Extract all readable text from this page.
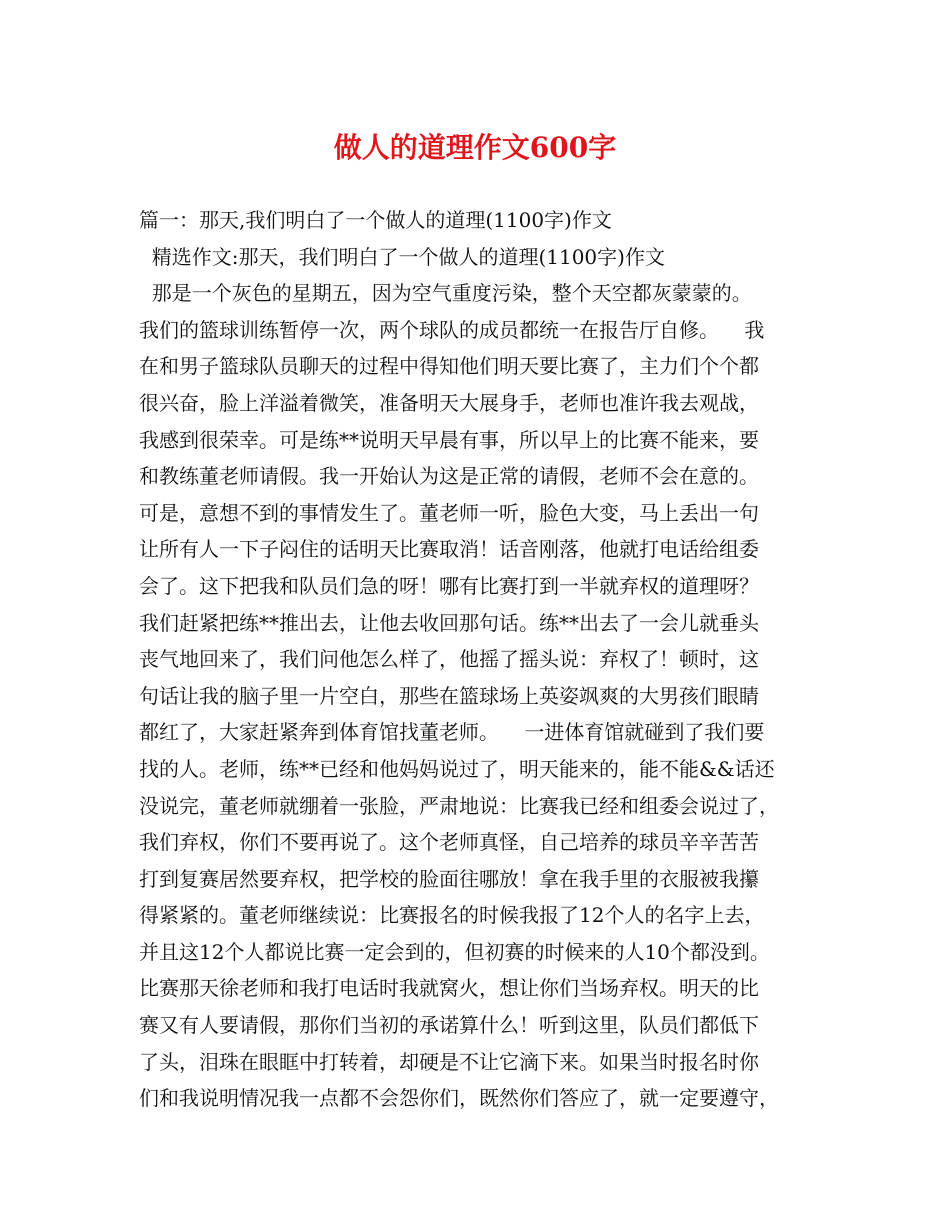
做人的道理作文600字
篇一：那天,我们明白了一个做人的道理(1100字)作文
精选作文:那天，我们明白了一个做人的道理(1100字)作文
那是一个灰色的星期五，因为空气重度污染，整个天空都灰蒙蒙的。
我们的篮球训练暂停一次，两个球队的成员都统一在报告厅自修。    我
在和男子篮球队员聊天的过程中得知他们明天要比赛了，主力们个个都
很兴奋，脸上洋溢着微笑，准备明天大展身手，老师也准许我去观战，
我感到很荣幸。可是练**说明天早晨有事，所以早上的比赛不能来，要
和教练董老师请假。我一开始认为这是正常的请假，老师不会在意的。
可是，意想不到的事情发生了。董老师一听，脸色大变，马上丢出一句
让所有人一下子闷住的话明天比赛取消！话音刚落，他就打电话给组委
会了。这下把我和队员们急的呀！哪有比赛打到一半就弃权的道理呀？
我们赶紧把练**推出去，让他去收回那句话。练**出去了一会儿就垂头
丧气地回来了，我们问他怎么样了，他摇了摇头说：弃权了！顿时，这
句话让我的脑子里一片空白，那些在篮球场上英姿飒爽的大男孩们眼睛
都红了，大家赶紧奔到体育馆找董老师。    一进体育馆就碰到了我们要
找的人。老师，练**已经和他妈妈说过了，明天能来的，能不能&&话还
没说完，董老师就绷着一张脸，严肃地说：比赛我已经和组委会说过了，
我们弃权，你们不要再说了。这个老师真怪，自己培养的球员辛辛苦苦
打到复赛居然要弃权，把学校的脸面往哪放！拿在我手里的衣服被我攥
得紧紧的。董老师继续说：比赛报名的时候我报了12个人的名字上去，
并且这12个人都说比赛一定会到的，但初赛的时候来的人10个都没到。
比赛那天徐老师和我打电话时我就窝火，想让你们当场弃权。明天的比
赛又有人要请假，那你们当初的承诺算什么！听到这里，队员们都低下
了头，泪珠在眼眶中打转着，却硬是不让它滴下来。如果当时报名时你
们和我说明情况我一点都不会怨你们，既然你们答应了，就一定要遵守，
